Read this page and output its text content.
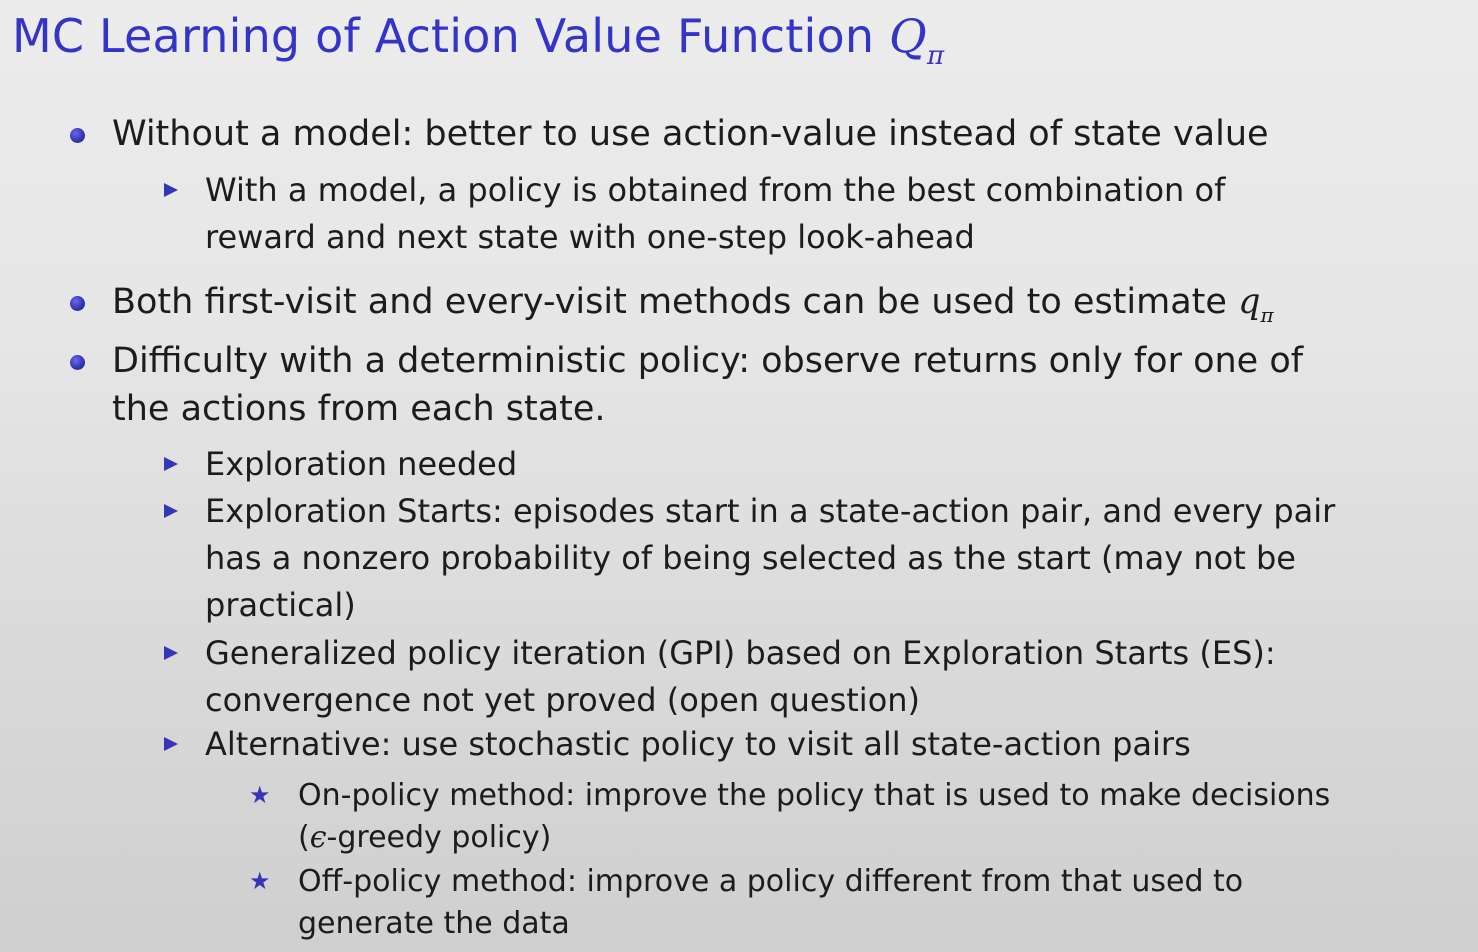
MC Learning of Action Value Function $Q_\pi$
Without a model: better to use action-value instead of state value
With a model, a policy is obtained from the best combination of
reward and next state with one-step look-ahead
Both first-visit and every-visit methods can be used to estimate $q_\pi$
Difficulty with a deterministic policy: observe returns only for one of
the actions from each state.
Exploration needed
Exploration Starts: episodes start in a state-action pair, and every pair
has a nonzero probability of being selected as the start (may not be
practical)
Generalized policy iteration (GPI) based on Exploration Starts (ES):
convergence not yet proved (open question)
Alternative: use stochastic policy to visit all state-action pairs
★ On-policy method: improve the policy that is used to make decisions
(ϵ-greedy policy)
★ Off-policy method: improve a policy different from that used to
generate the data
